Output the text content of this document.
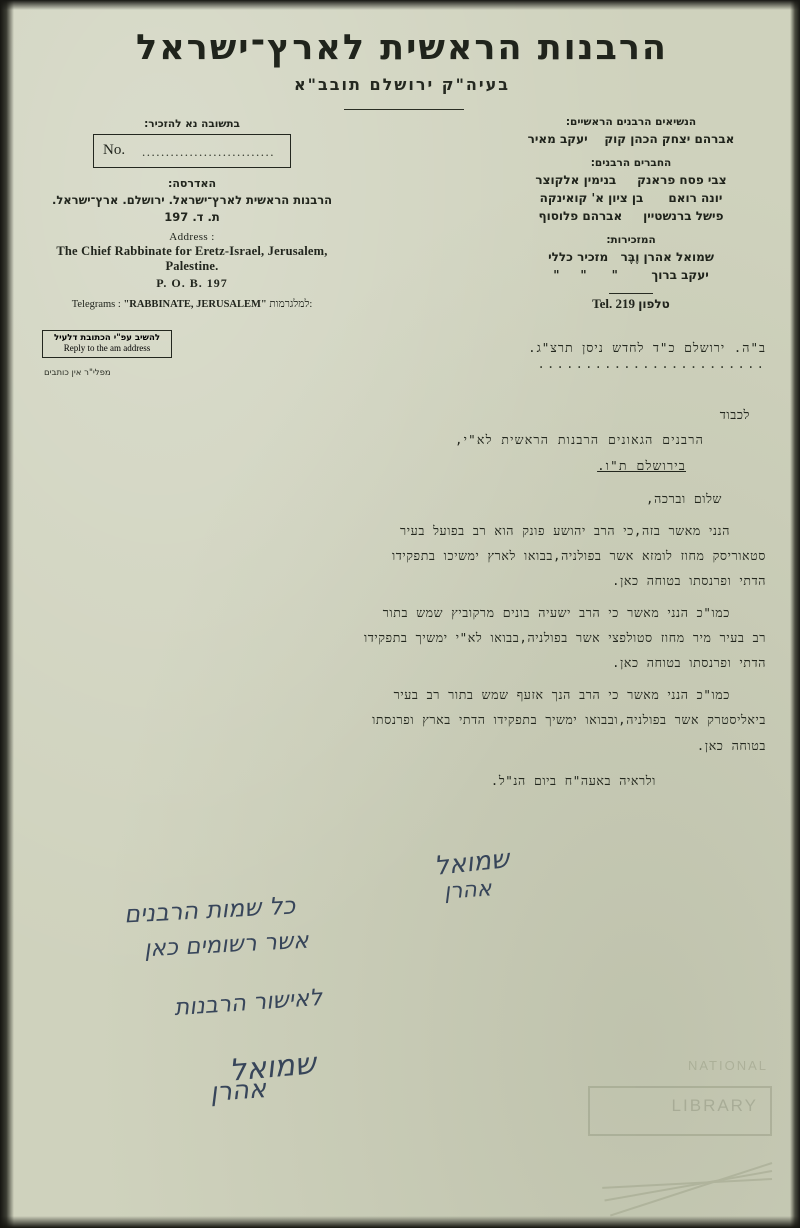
הרבנות הראשית לארץ־ישראל
בעיה"ק ירושלם תובב"א
בתשובה נא להזכיר:
No. ............................
האדרסה:
הרבנות הראשית לארץ־ישראל. ירושלם. ארץ־ישראל.
ת. ד. 197
Address :
The Chief Rabbinate for Eretz-Israel, Jerusalem, Palestine.
P. O. B. 197
Telegrams : "RABBINATE, JERUSALEM" למלגרמות:
להשיב עפ"י הכתובת דלעיל
Reply to the am address
מפלי"ר אין כותבים
הנשיאים הרבנים הראשיים:
אברהם יצחק הכהן קוק    יעקב מאיר
החברים הרבנים:
צבי פסח פראנק     בנימין אלקוצר
יונה רואם      בן ציון א' קואינקה
פישל ברנשטיין     אברהם פלוסוף
המזכירות:
שמואל אהרן וֶבֶּר   מזכיר כללי
יעקב ברוך        "      "     "
Tel. 219 טלפון
ב"ה. ירושלם כ"ד לחדש ניסן תרצ"ג. ........................

לכבוד

הרבנים הגאונים הרבנות הראשית לא"י,

בירושלם ת"ו.

שלום וברכה,

הנני מאשר בזה,כי הרב יהושע פונק הוא רב בפועל בעיר

סטאוריסק מחוז לומזא אשר בפולניה,בבואו לארץ ימשיכו בתפקידו

הדתי ופרנסתו בטוחה כאן.

כמו"כ הנני מאשר כי הרב ישעיה בונים מרקוביץ שמש בתור

רב בעיר מיר מחוז סטולפצי אשר בפולניה,בבואו לא"י ימשיך בתפקידו

הדתי ופרנסתו בטוחה כאן.

כמו"כ הנני מאשר כי הרב הנך אזעף שמש בתור רב בעיר

ביאליסטרק אשר בפולניה,ובבואו ימשיך בתפקידו הדתי בארץ ופרנסתו

בטוחה כאן.

ולראיה באעה"ח ביום הנ"ל.

שמואל
אהרן
כל שמות הרבנים
אשר רשומים כאן
לאישור הרבנות
שמואל
אהרן
NATIONAL
LIBRARY
